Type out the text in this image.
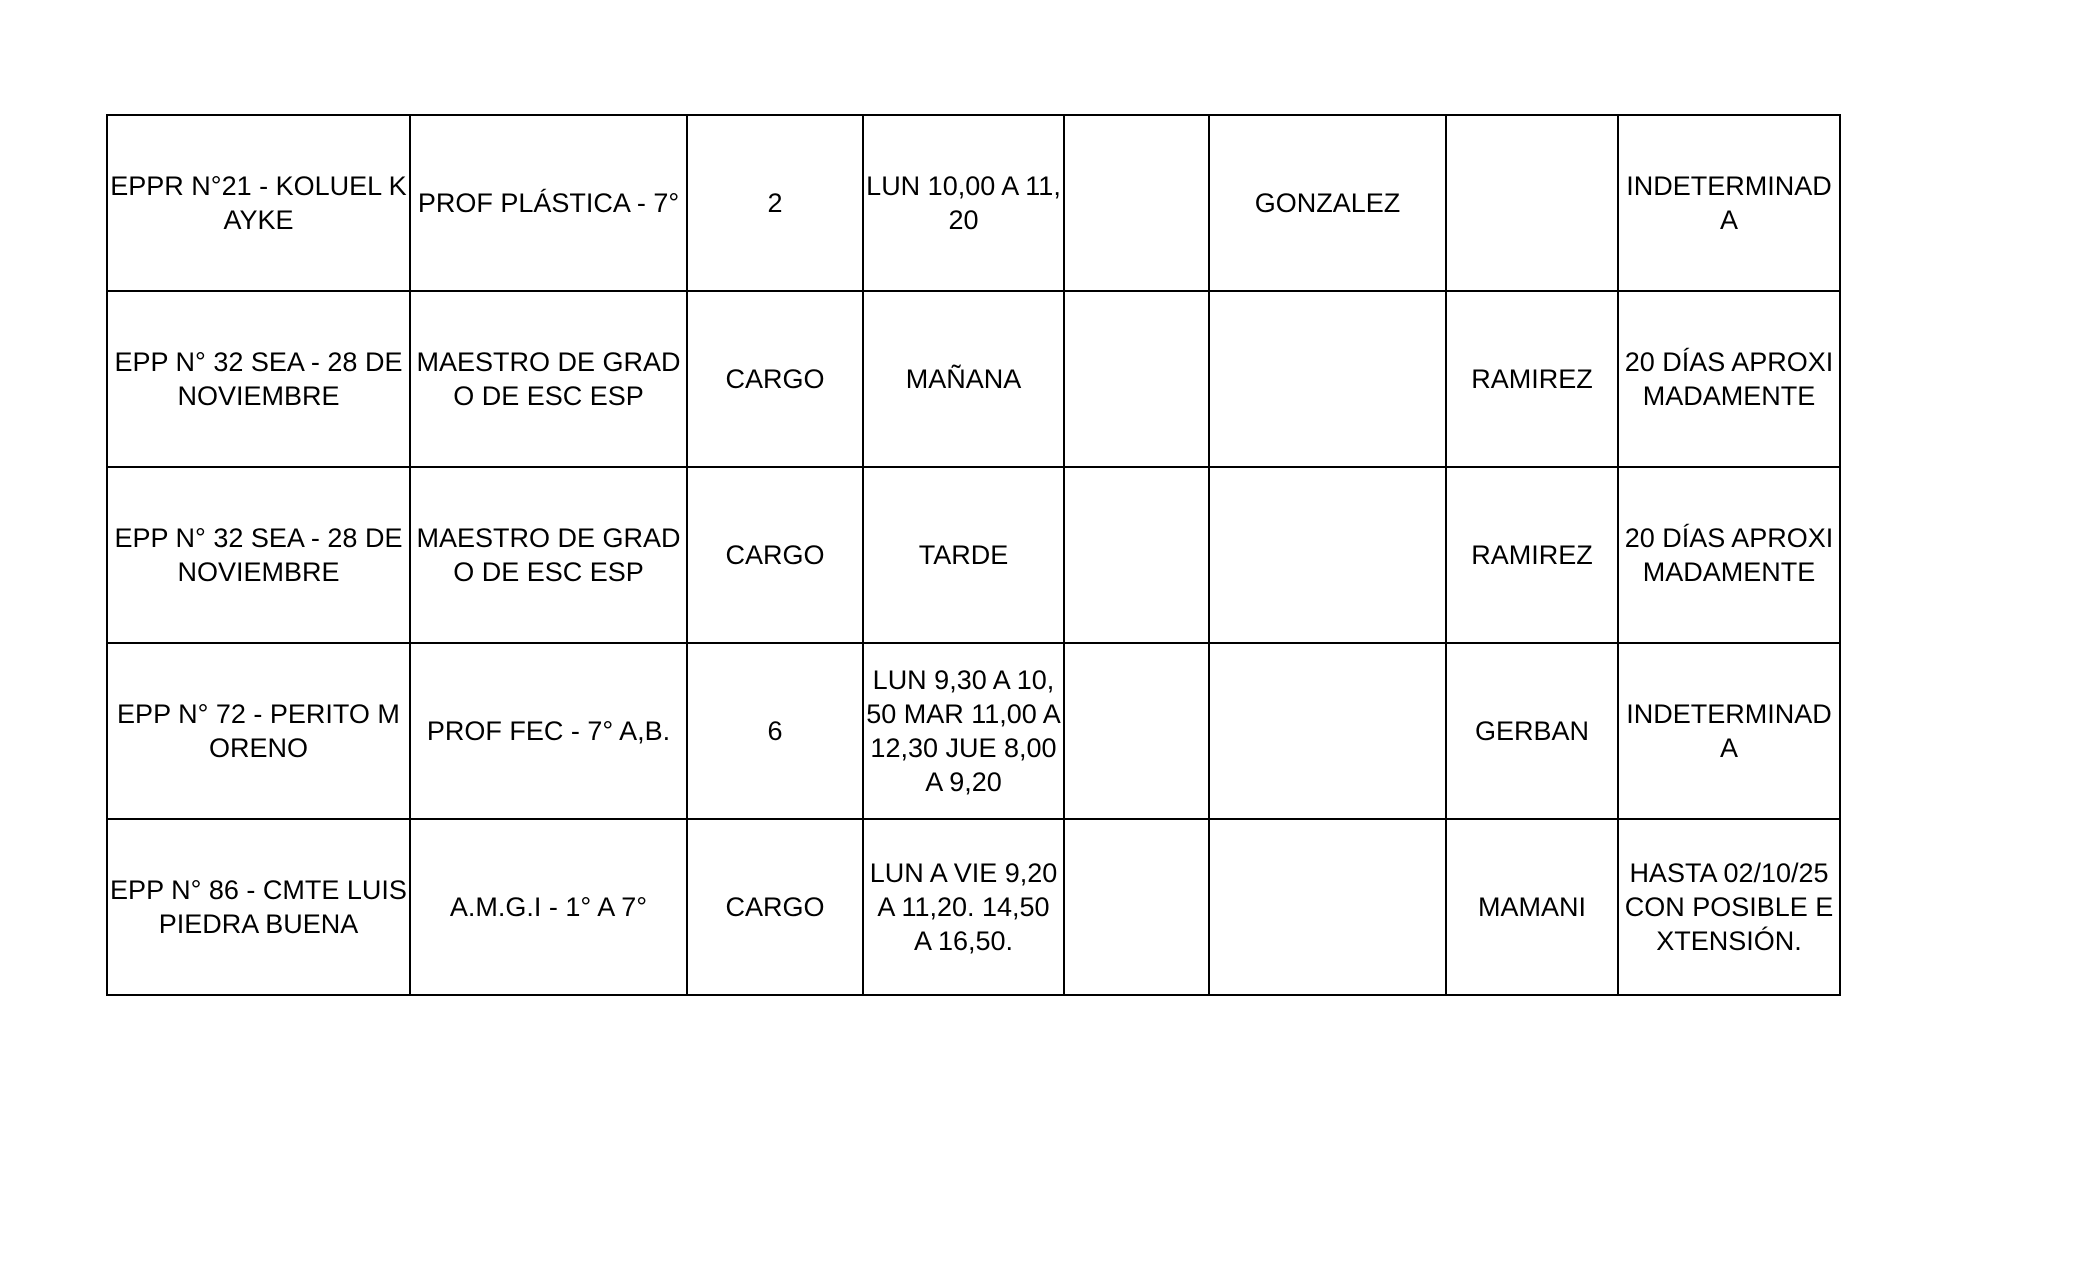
EPPR N°21 - KOLUEL KAYKE	PROF PLÁSTICA - 7°	2	LUN 10,00 A 11,20		GONZALEZ		INDETERMINADA
EPP N° 32 SEA - 28 DE NOVIEMBRE	MAESTRO DE GRADO DE ESC ESP	CARGO	MAÑANA			RAMIREZ	20 DÍAS APROXIMADAMENTE
EPP N° 32 SEA - 28 DE NOVIEMBRE	MAESTRO DE GRADO DE ESC ESP	CARGO	TARDE			RAMIREZ	20 DÍAS APROXIMADAMENTE
EPP N° 72 - PERITO MORENO	PROF FEC - 7° A,B.	6	LUN 9,30 A 10,50 MAR 11,00 A 12,30 JUE 8,00 A 9,20			GERBAN	INDETERMINADA
EPP N° 86 - CMTE LUIS PIEDRA BUENA	A.M.G.I - 1° A 7°	CARGO	LUN A VIE 9,20 A 11,20. 14,50 A 16,50.			MAMANI	HASTA 02/10/25 CON POSIBLE EXTENSIÓN.
